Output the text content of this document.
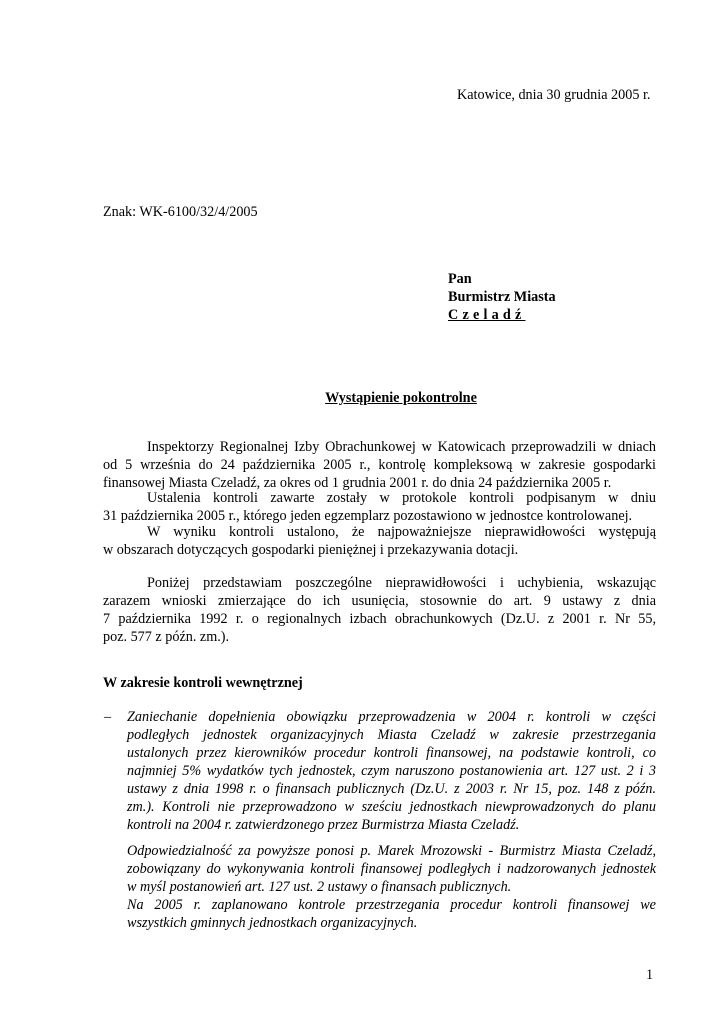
Katowice, dnia 30 grudnia 2005 r.
Znak: WK-6100/32/4/2005
Pan
Burmistrz Miasta
Czeladź
Wystąpienie pokontrolne
Inspektorzy Regionalnej Izby Obrachunkowej w Katowicach przeprowadzili w dniach
od 5 września do 24 października 2005 r., kontrolę kompleksową w zakresie gospodarki
finansowej Miasta Czeladź, za okres od 1 grudnia 2001 r. do dnia 24 października 2005 r.
Ustalenia kontroli zawarte zostały w protokole kontroli podpisanym w dniu
31 października 2005 r., którego jeden egzemplarz pozostawiono w jednostce kontrolowanej.
W wyniku kontroli ustalono, że najpoważniejsze nieprawidłowości występują
w obszarach dotyczących gospodarki pieniężnej i przekazywania dotacji.
Poniżej przedstawiam poszczególne nieprawidłowości i uchybienia, wskazując
zarazem wnioski zmierzające do ich usunięcia, stosownie do art. 9 ustawy z dnia
7 października 1992 r. o regionalnych izbach obrachunkowych (Dz.U. z 2001 r. Nr 55,
poz. 577 z późn. zm.).
W zakresie kontroli wewnętrznej
– Zaniechanie dopełnienia obowiązku przeprowadzenia w 2004 r. kontroli w części
podległych jednostek organizacyjnych Miasta Czeladź w zakresie przestrzegania
ustalonych przez kierowników procedur kontroli finansowej, na podstawie kontroli, co
najmniej 5% wydatków tych jednostek, czym naruszono postanowienia art. 127 ust. 2 i 3
ustawy z dnia 1998 r. o finansach publicznych (Dz.U. z 2003 r. Nr 15, poz. 148 z późn.
zm.). Kontroli nie przeprowadzono w sześciu jednostkach niewprowadzonych do planu
kontroli na 2004 r. zatwierdzonego przez Burmistrza Miasta Czeladź.
Odpowiedzialność za powyższe ponosi p. Marek Mrozowski - Burmistrz Miasta Czeladź,
zobowiązany do wykonywania kontroli finansowej podległych i nadzorowanych jednostek
w myśl postanowień art. 127 ust. 2 ustawy o finansach publicznych.
Na 2005 r. zaplanowano kontrole przestrzegania procedur kontroli finansowej we
wszystkich gminnych jednostkach organizacyjnych.
1
